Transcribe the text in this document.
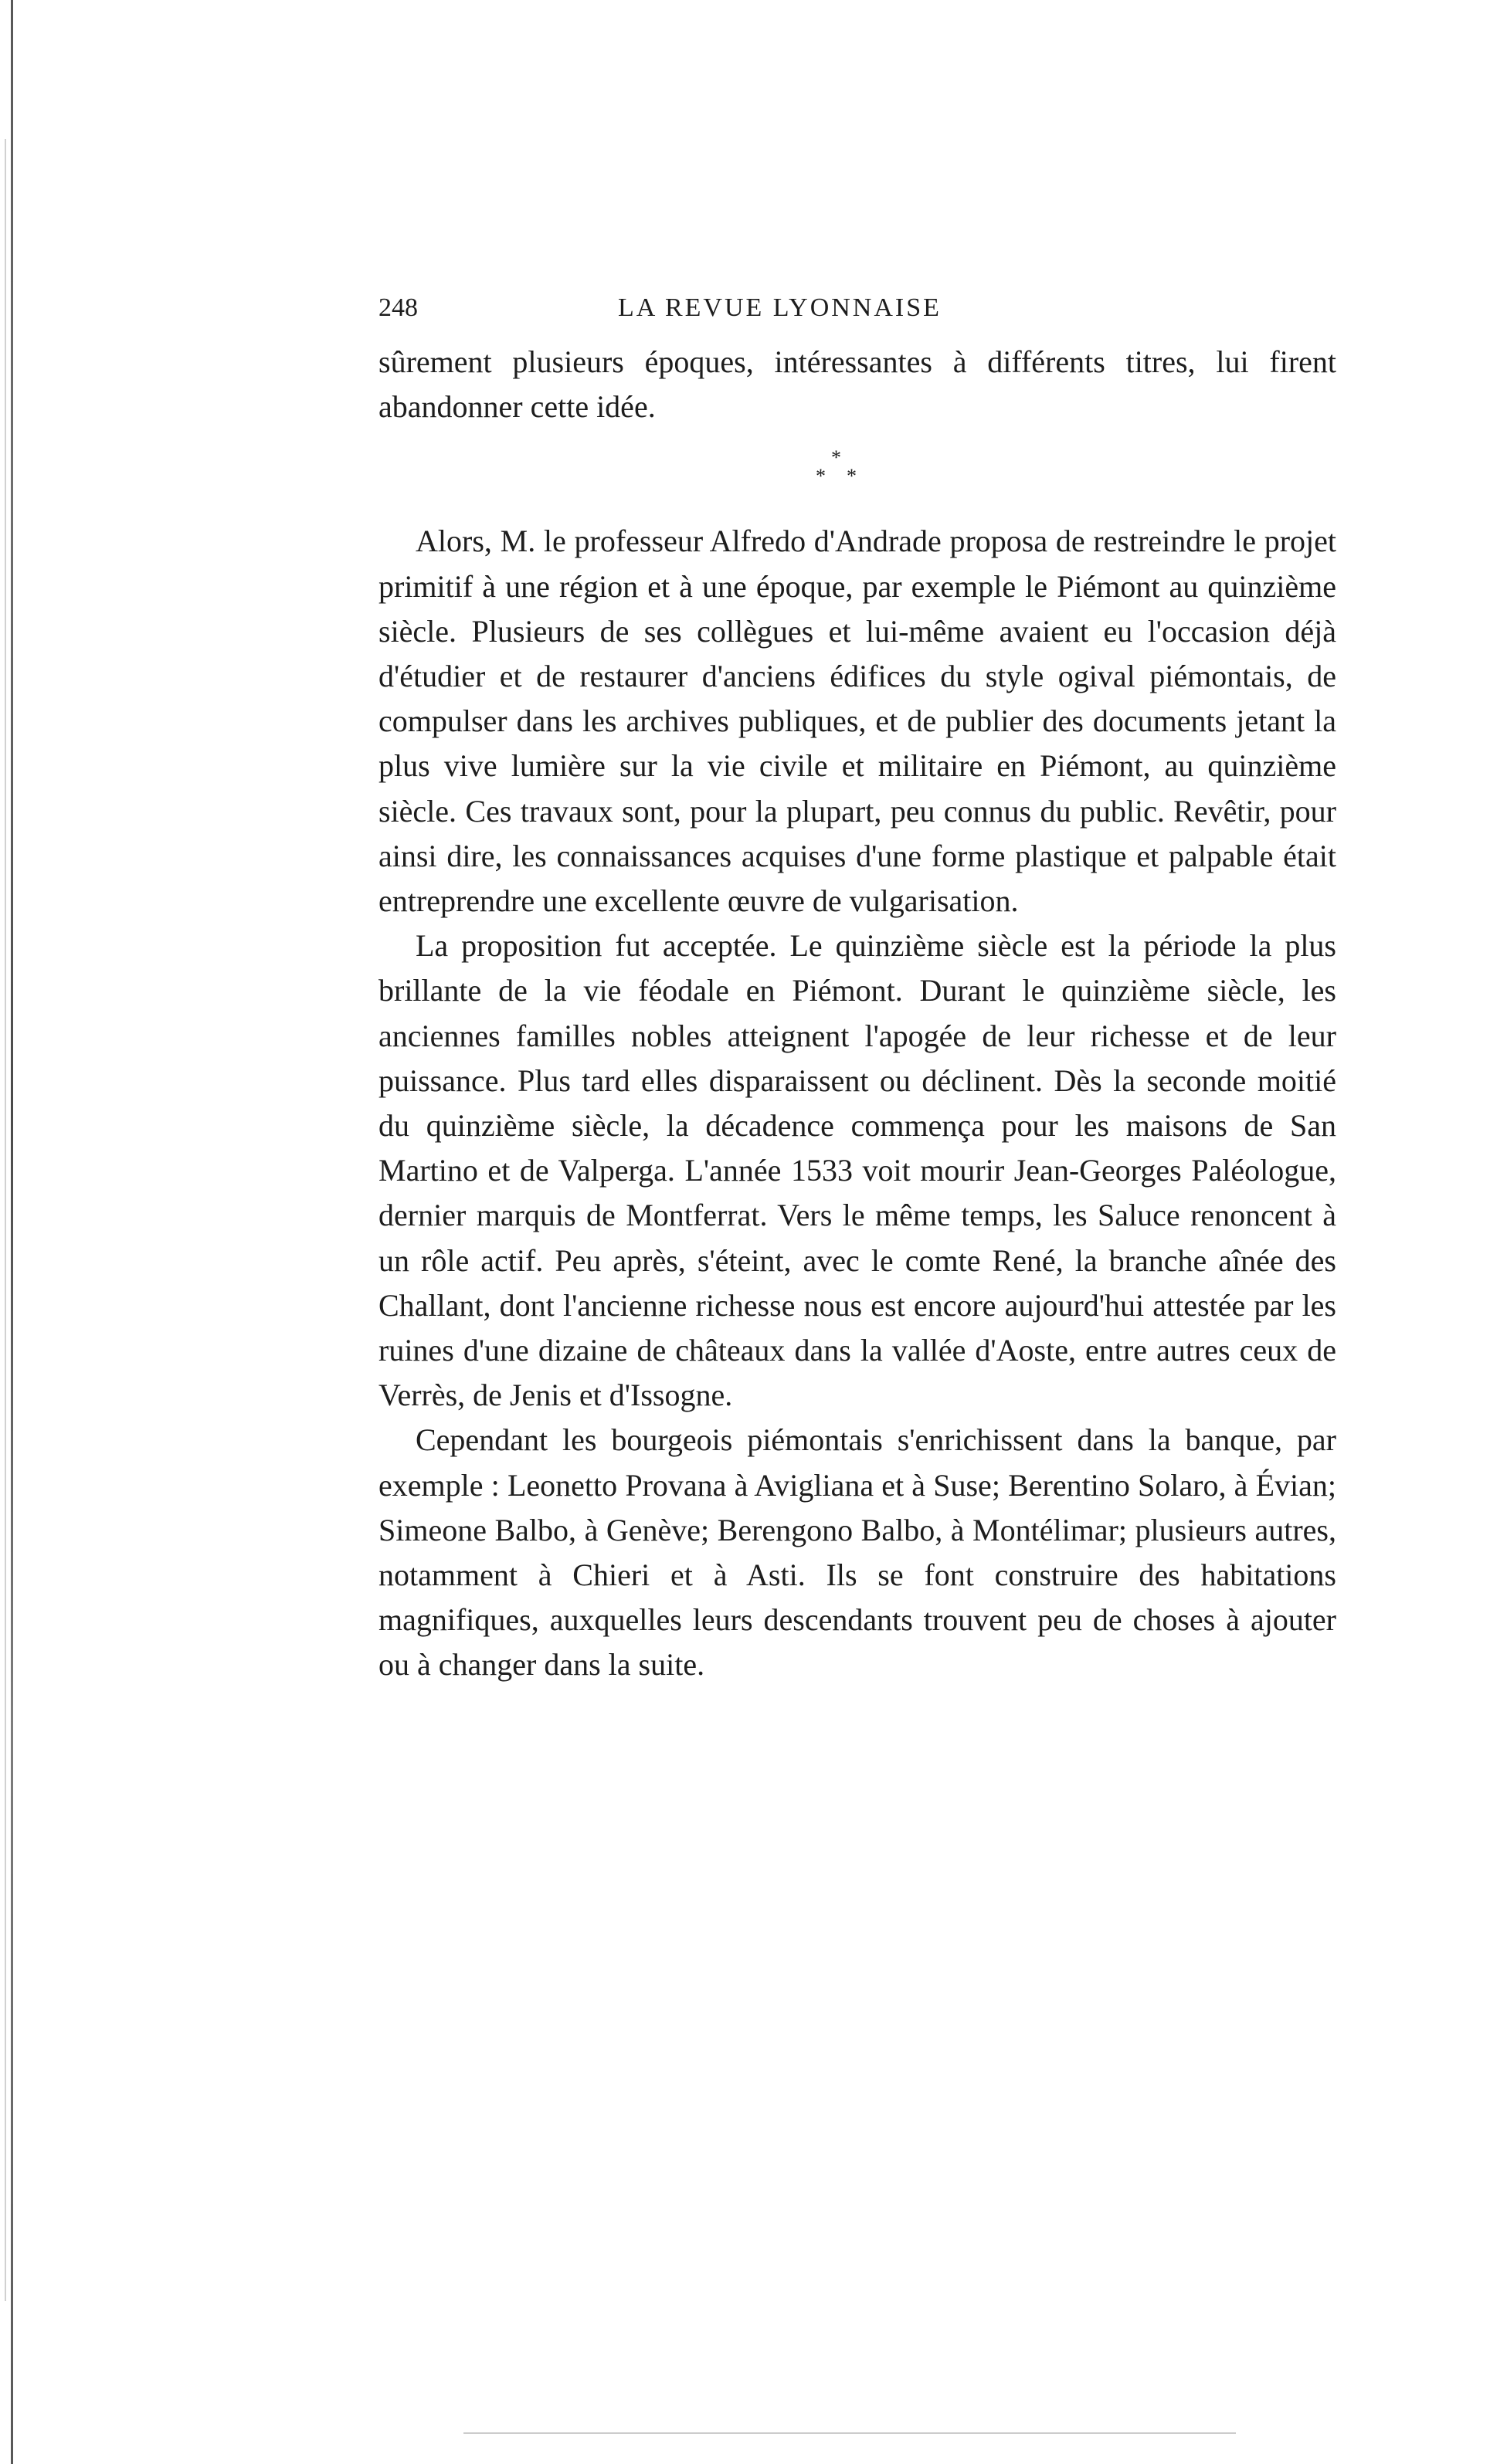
248	LA REVUE LYONNAISE

sûrement plusieurs époques, intéressantes à différents titres, lui firent abandonner cette idée.

*
* *

Alors, M. le professeur Alfredo d'Andrade proposa de restreindre le projet primitif à une région et à une époque, par exemple le Piémont au quinzième siècle. Plusieurs de ses collègues et lui-même avaient eu l'occasion déjà d'étudier et de restaurer d'anciens édifices du style ogival piémontais, de compulser dans les archives publiques, et de publier des documents jetant la plus vive lumière sur la vie civile et militaire en Piémont, au quinzième siècle. Ces travaux sont, pour la plupart, peu connus du public. Revêtir, pour ainsi dire, les connaissances acquises d'une forme plastique et palpable était entreprendre une excellente œuvre de vulgarisation.

La proposition fut acceptée. Le quinzième siècle est la période la plus brillante de la vie féodale en Piémont. Durant le quinzième siècle, les anciennes familles nobles atteignent l'apogée de leur richesse et de leur puissance. Plus tard elles disparaissent ou déclinent. Dès la seconde moitié du quinzième siècle, la décadence commença pour les maisons de San Martino et de Valperga. L'année 1533 voit mourir Jean-Georges Paléologue, dernier marquis de Montferrat. Vers le même temps, les Saluce renoncent à un rôle actif. Peu après, s'éteint, avec le comte René, la branche aînée des Challant, dont l'ancienne richesse nous est encore aujourd'hui attestée par les ruines d'une dizaine de châteaux dans la vallée d'Aoste, entre autres ceux de Verrès, de Jenis et d'Issogne.

Cependant les bourgeois piémontais s'enrichissent dans la banque, par exemple : Leonetto Provana à Avigliana et à Suse; Berentino Solaro, à Évian; Simeone Balbo, à Genève; Berengono Balbo, à Montélimar; plusieurs autres, notamment à Chieri et à Asti. Ils se font construire des habitations magnifiques, auxquelles leurs descendants trouvent peu de choses à ajouter ou à changer dans la suite.
